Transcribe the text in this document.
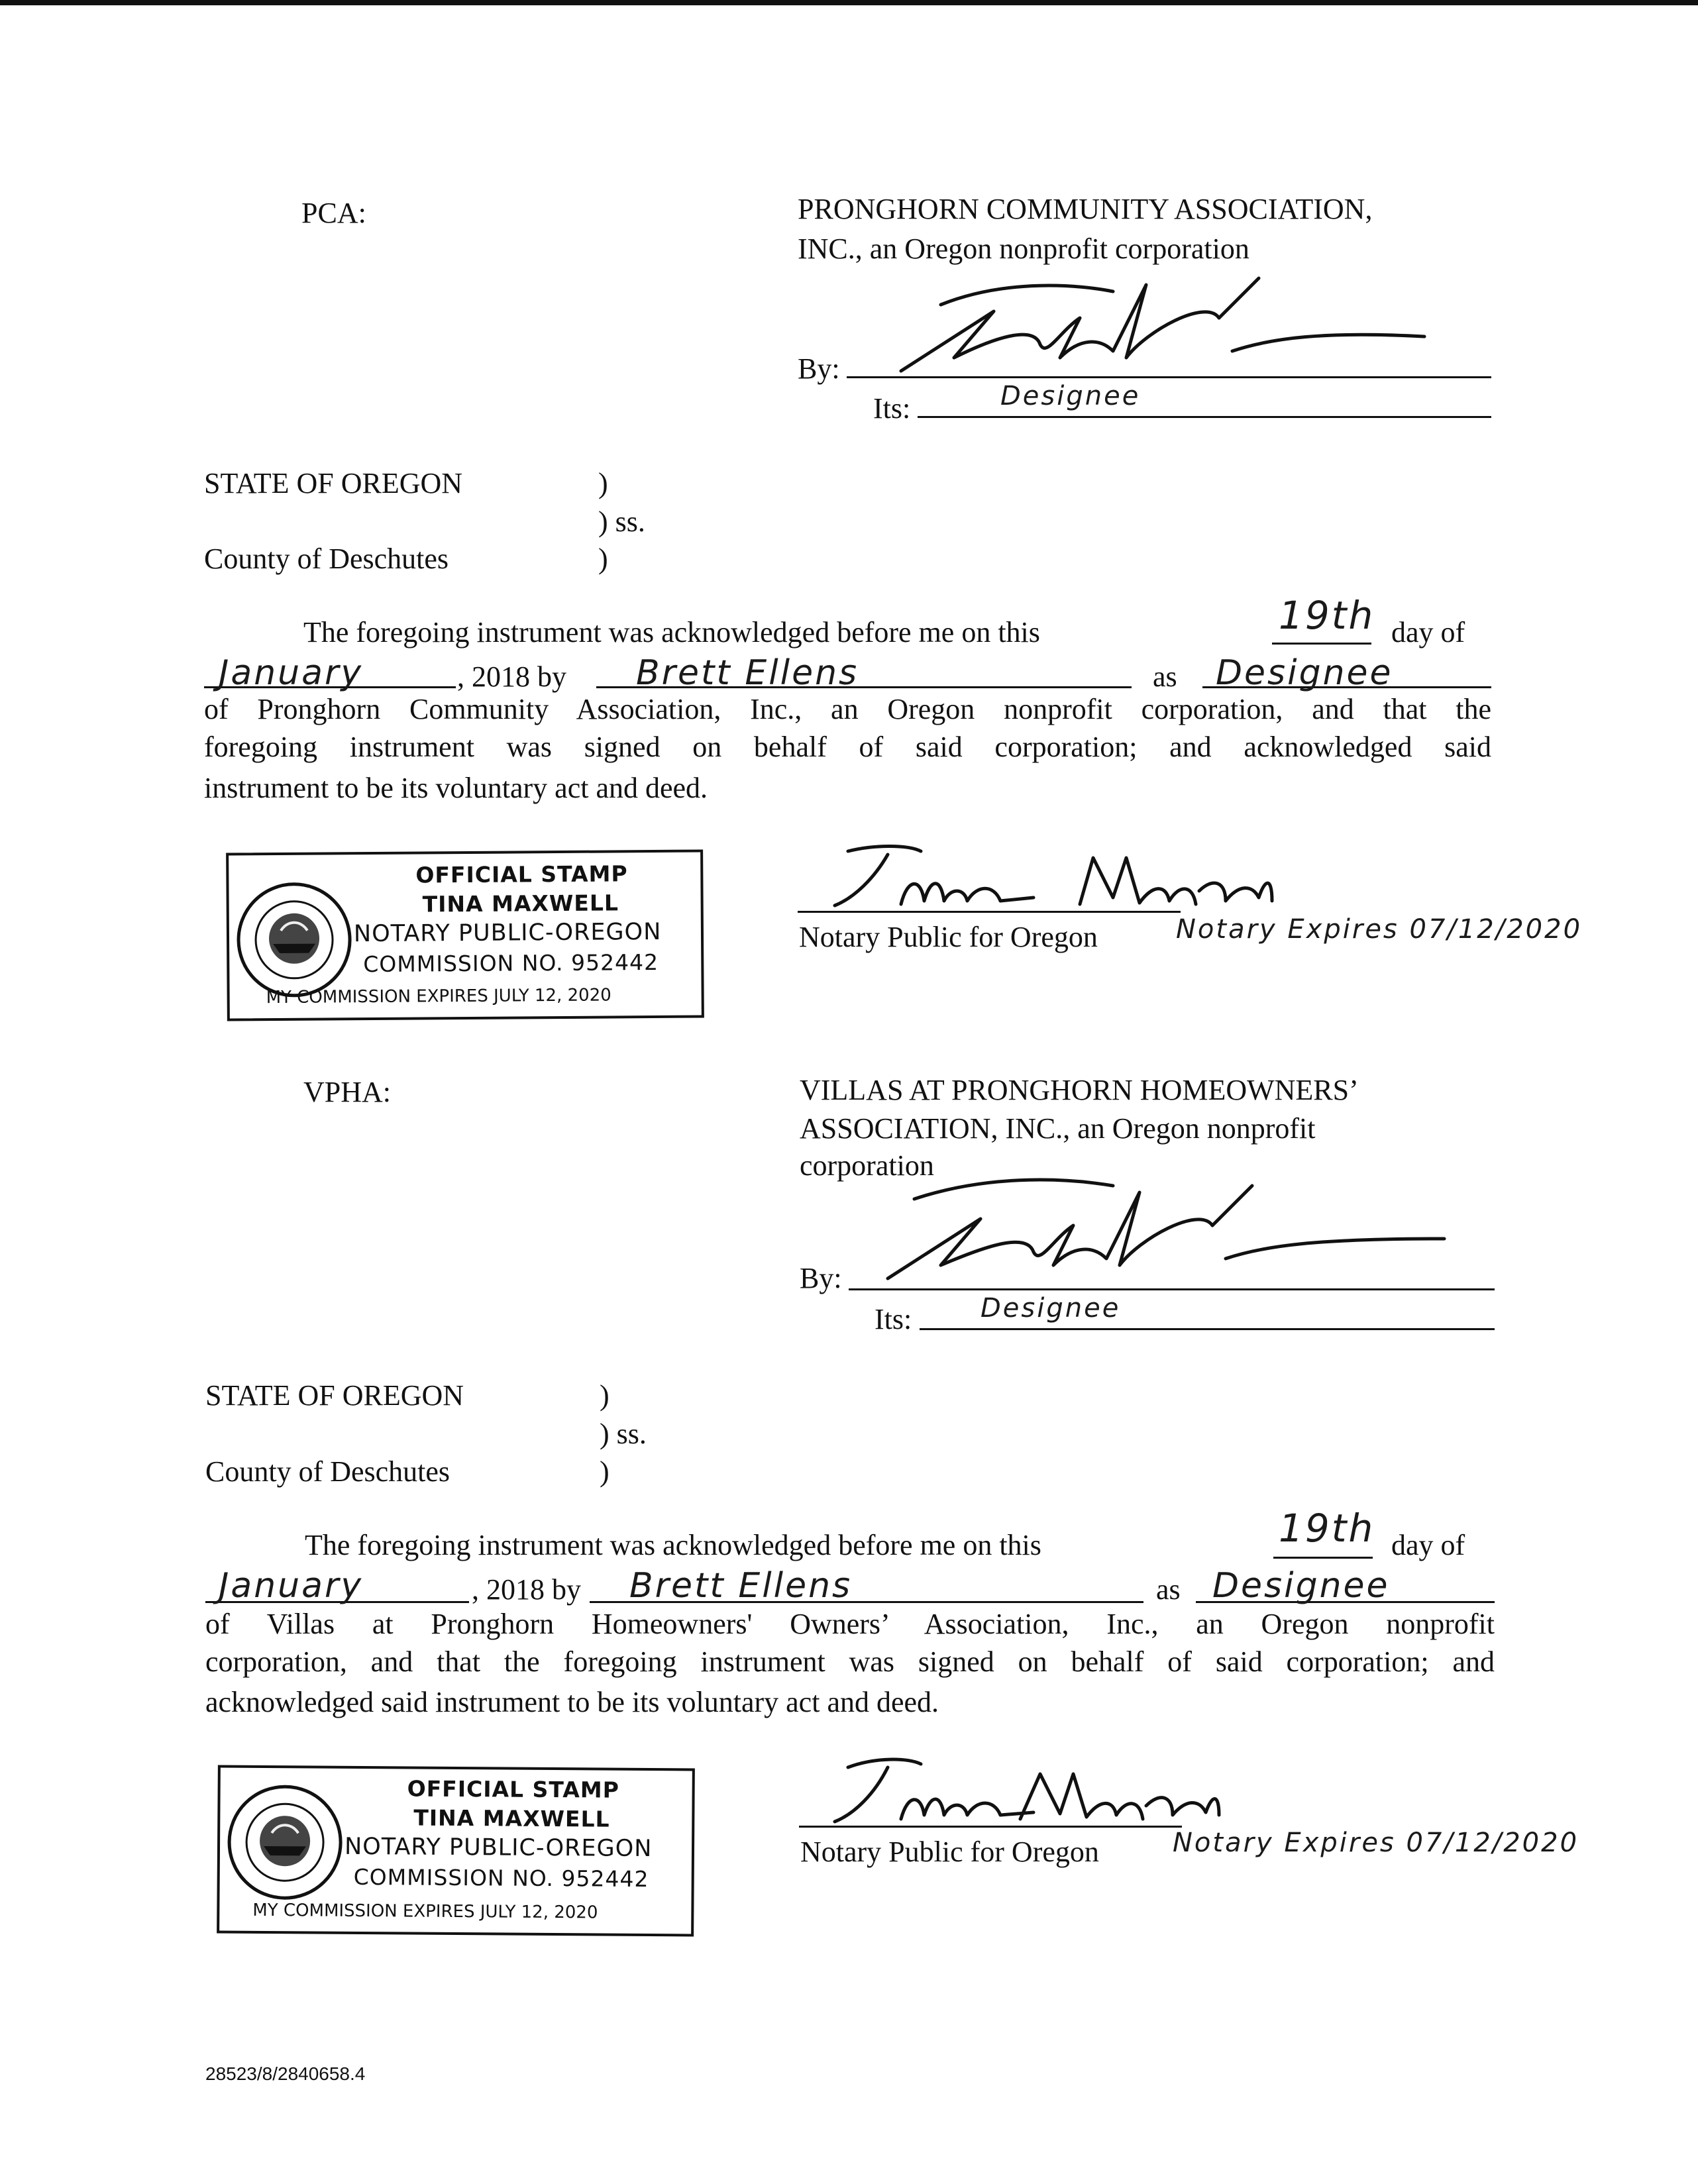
PCA:	PRONGHORN COMMUNITY ASSOCIATION,
INC., an Oregon nonprofit corporation
By:
Its:	Designee
STATE OF OREGON	)
) ss.
County of Deschutes	)
The foregoing instrument was acknowledged before me on this	19th day of
January	, 2018 by Brett Ellens	as Designee
of Pronghorn Community Association, Inc., an Oregon nonprofit corporation, and that the
foregoing instrument was signed on behalf of said corporation; and acknowledged said
instrument to be its voluntary act and deed.
OFFICIAL STAMP
TINA MAXWELL
NOTARY PUBLIC-OREGON
COMMISSION NO. 952442
MY COMMISSION EXPIRES JULY 12, 2020
Notary Public for Oregon	Notary Expires 07/12/2020
VPHA:	VILLAS AT PRONGHORN HOMEOWNERS’
ASSOCIATION, INC., an Oregon nonprofit
corporation
By:
Its:	Designee
STATE OF OREGON	)
) ss.
County of Deschutes	)
The foregoing instrument was acknowledged before me on this	19th day of
January	, 2018 by Brett Ellens	as Designee
of Villas at Pronghorn Homeowners' Owners’ Association, Inc., an Oregon nonprofit
corporation, and that the foregoing instrument was signed on behalf of said corporation; and
acknowledged said instrument to be its voluntary act and deed.
OFFICIAL STAMP
TINA MAXWELL
NOTARY PUBLIC-OREGON
COMMISSION NO. 952442
MY COMMISSION EXPIRES JULY 12, 2020
Notary Public for Oregon	Notary Expires 07/12/2020
28523/8/2840658.4
